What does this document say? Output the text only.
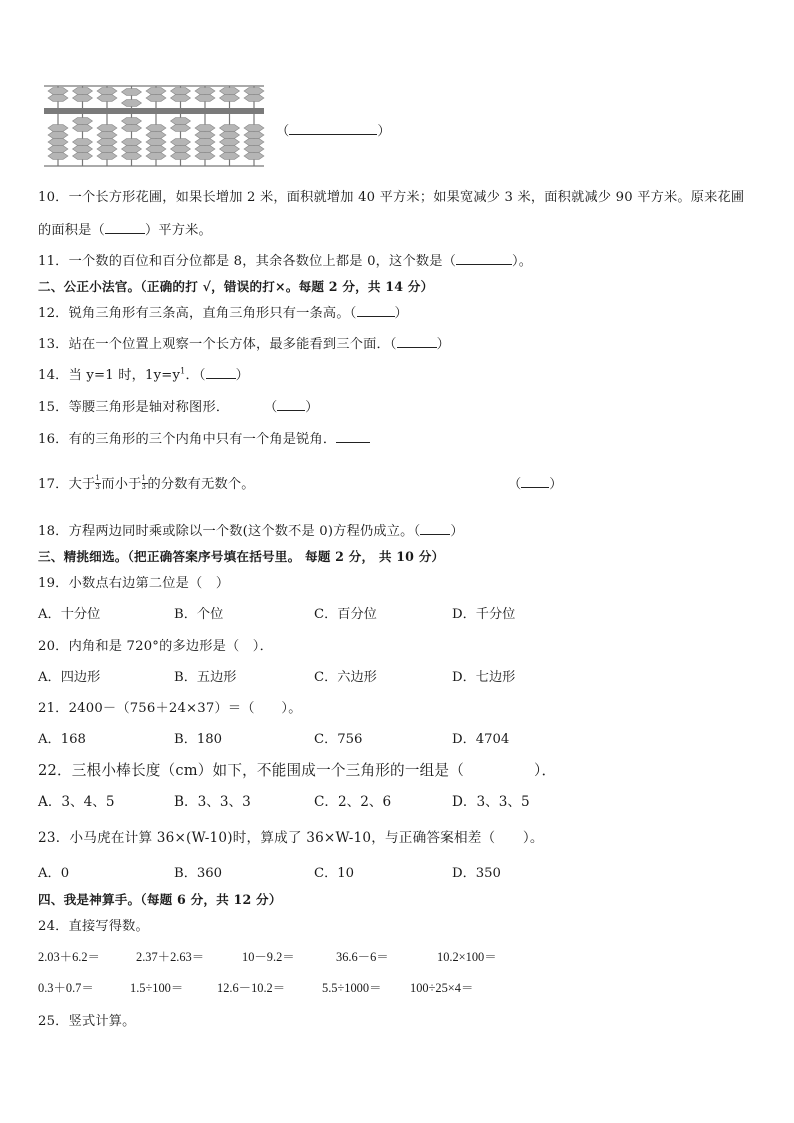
（	）
10．一个长方形花圃，如果长增加 2 米，面积就增加 40 平方米；如果宽减少 3 米，面积就减少 90 平方米。原来花圃
的面积是（	）平方米。
11．一个数的百位和百分位都是 8，其余各数位上都是 0，这个数是（	）。
二、公正小法官。（正确的打 √，错误的打×。每题 2 分，共 14 分）
12．锐角三角形有三条高，直角三角形只有一条高。（	）
13．站在一个位置上观察一个长方体，最多能看到三个面．（	）
14．当 y=1 时，$1y=y^1$．（ ）
15．等腰三角形是轴对称图形．	（ ）
16．有的三角形的三个内角中只有一个角是锐角．
17．大于 $\frac{1}{3}$ 而小于 $\frac{1}{3}$ 的分数有无数个。	（ ）
18．方程两边同时乘或除以一个数(这个数不是 0)方程仍成立。（ ）
三、精挑细选。（把正确答案序号填在括号里。 每题 2 分， 共 10 分）
19．小数点右边第二位是（　）
A．十分位	B．个位	C．百分位	D．千分位
20．内角和是 720°的多边形是（　）．
A．四边形	B．五边形	C．六边形	D．七边形
21．2400－（756＋24×37）＝（　　）。
A．168	B．180	C．756	D．4704
22．三根小棒长度（cm）如下，不能围成一个三角形的一组是（	）．
A．3、4、5	B．3、3、3	C．2、2、6	D．3、3、5
23．小马虎在计算 36×(W-10)时，算成了 36×W-10，与正确答案相差（　　）。
A．0	B．360	C．10	D．350
四、我是神算手。（每题 6 分，共 12 分）
24．直接写得数。
2.03＋6.2＝	2.37＋2.63＝	10－9.2＝	36.6－6＝	10.2×100＝
0.3＋0.7＝	1.5÷100＝	12.6－10.2＝	5.5÷1000＝ 100÷25×4＝
25．竖式计算。
